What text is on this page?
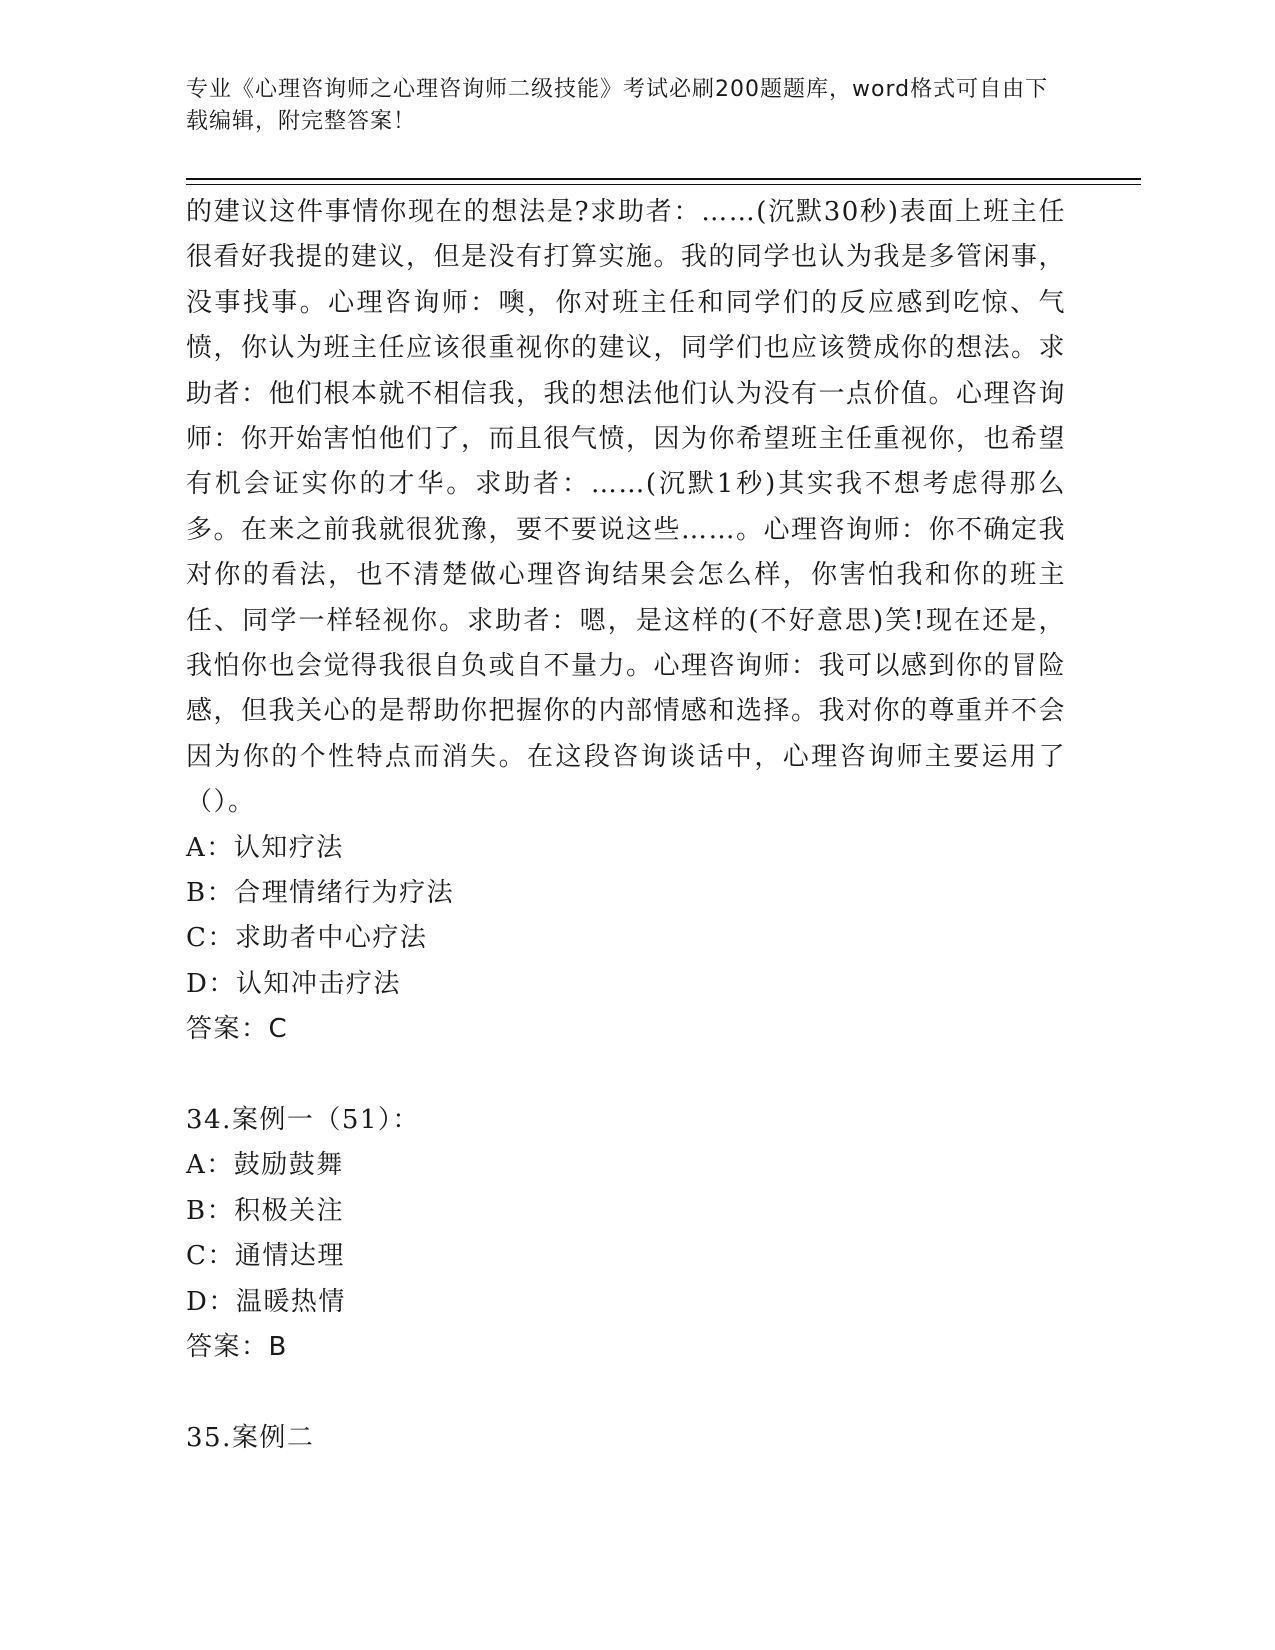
专业《心理咨询师之心理咨询师二级技能》考试必刷200题题库，word格式可自由下载编辑，附完整答案！

的建议这件事情你现在的想法是?求助者：……(沉默30秒)表面上班主任很看好我提的建议，但是没有打算实施。我的同学也认为我是多管闲事，没事找事。心理咨询师：噢，你对班主任和同学们的反应感到吃惊、气愤，你认为班主任应该很重视你的建议，同学们也应该赞成你的想法。求助者：他们根本就不相信我，我的想法他们认为没有一点价值。心理咨询师：你开始害怕他们了，而且很气愤，因为你希望班主任重视你，也希望有机会证实你的才华。求助者：……(沉默1秒)其实我不想考虑得那么多。在来之前我就很犹豫，要不要说这些……。心理咨询师：你不确定我对你的看法，也不清楚做心理咨询结果会怎么样，你害怕我和你的班主任、同学一样轻视你。求助者：嗯，是这样的(不好意思)笑!现在还是，我怕你也会觉得我很自负或自不量力。心理咨询师：我可以感到你的冒险感，但我关心的是帮助你把握你的内部情感和选择。我对你的尊重并不会因为你的个性特点而消失。在这段咨询谈话中，心理咨询师主要运用了（）。

A：认知疗法

B：合理情绪行为疗法

C：求助者中心疗法

D：认知冲击疗法

答案：C

34.案例一（51）：

A：鼓励鼓舞

B：积极关注

C：通情达理

D：温暖热情

答案：B

35.案例二
